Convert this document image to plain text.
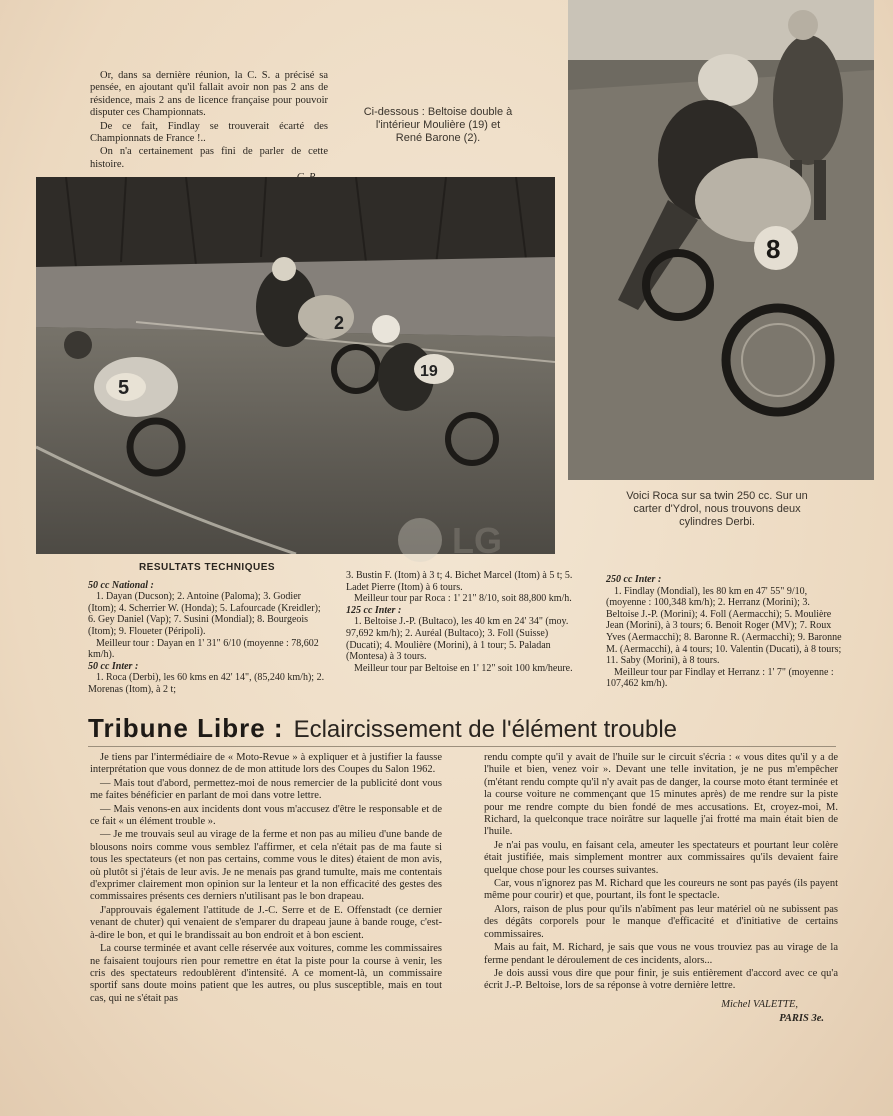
Or, dans sa dernière réunion, la C. S. a précisé sa pensée, en ajoutant qu'il fallait avoir non pas 2 ans de résidence, mais 2 ans de licence française pour pouvoir disputer ces Championnats.

De ce fait, Findlay se trouverait écarté des Championnats de France !..

On n'a certainement pas fini de parler de cette histoire.

Ci-dessous : Beltoise double à l'intérieur Moulière (19) et René Barone (2).
5
2
19
8
Voici Roca sur sa twin 250 cc. Sur un carter d'Ydrol, nous trouvons deux cylindres Derbi.
LG
RESULTATS TECHNIQUES
50 cc National :
1. Dayan (Ducson); 2. Antoine (Paloma); 3. Godier (Itom); 4. Scherrier W. (Honda); 5. Lafourcade (Kreidler); 6. Gey Daniel (Vap); 7. Susini (Mondial); 8. Bourgeois (Itom); 9. Floueter (Péripoli).
Meilleur tour : Dayan en 1' 31" 6/10 (moyenne : 78,602 km/h).
50 cc Inter :
1. Roca (Derbi), les 60 kms en 42' 14", (85,240 km/h); 2. Morenas (Itom), à 2 t;
3. Bustin F. (Itom) à 3 t; 4. Bichet Marcel (Itom) à 5 t; 5. Ladet Pierre (Itom) à 6 tours.
Meilleur tour par Roca : 1' 21" 8/10, soit 88,800 km/h.
125 cc Inter :
1. Beltoise J.-P. (Bultaco), les 40 km en 24' 34" (moy. 97,692 km/h); 2. Auréal (Bultaco); 3. Foll (Suisse) (Ducati); 4. Moulière (Morini), à 1 tour; 5. Paladan (Montesa) à 3 tours.
Meilleur tour par Beltoise en 1' 12" soit 100 km/heure.
250 cc Inter :
1. Findlay (Mondial), les 80 km en 47' 55" 9/10, (moyenne : 100,348 km/h); 2. Herranz (Morini); 3. Beltoise J.-P. (Morini); 4. Foll (Aermacchi); 5. Moulière Jean (Morini), à 3 tours; 6. Benoit Roger (MV); 7. Roux Yves (Aermacchi); 8. Baronne R. (Aermacchi); 9. Baronne M. (Aermacchi), à 4 tours; 10. Valentin (Ducati), à 8 tours; 11. Saby (Morini), à 8 tours.
Meilleur tour par Findlay et Herranz : 1' 7" (moyenne : 107,462 km/h).
Tribune Libre : Eclaircissement de l'élément trouble

Je tiens par l'intermédiaire de « Moto-Revue » à expliquer et à justifier la fausse interprétation que vous donnez de de mon attitude lors des Coupes du Salon 1962.

— Mais tout d'abord, permettez-moi de nous remercier de la publicité dont vous me faites bénéficier en parlant de moi dans votre lettre.

— Mais venons-en aux incidents dont vous m'accusez d'être le responsable et de ce fait « un élément trouble ».

— Je me trouvais seul au virage de la ferme et non pas au milieu d'une bande de blousons noirs comme vous semblez l'affirmer, et cela n'était pas de ma faute si tous les spectateurs (et non pas certains, comme vous le dites) étaient de mon avis, où plutôt si j'étais de leur avis. Je ne menais pas grand tumulte, mais me contentais d'exprimer clairement mon opinion sur la lenteur et la non efficacité des gestes des commissaires présents ces derniers n'utilisant pas le bon drapeau.

J'approuvais également l'attitude de J.-C. Serre et de E. Offenstadt (ce dernier venant de chuter) qui venaient de s'emparer du drapeau jaune à bande rouge, c'est-à-dire le bon, et qui le brandissait au bon endroit et à bon escient.

La course terminée et avant celle réservée aux voitures, comme les commissaires ne faisaient toujours rien pour remettre en état la piste pour la course à venir, les cris des spectateurs redoublèrent d'intensité. A ce moment-là, un commissaire sportif sans doute moins patient que les autres, ou plus susceptible, mais en tout cas, qui ne s'était pas

rendu compte qu'il y avait de l'huile sur le circuit s'écria : « vous dites qu'il y a de l'huile et bien, venez voir ». Devant une telle invitation, je ne pus m'empêcher (m'étant rendu compte qu'il n'y avait pas de danger, la course moto étant terminée et la course voiture ne commençant que 15 minutes après) de me rendre sur la piste pour me rendre compte du bien fondé de mes accusations. Et, croyez-moi, M. Richard, la quelconque trace noirâtre sur laquelle j'ai frotté ma main était bien de l'huile.

Je n'ai pas voulu, en faisant cela, ameuter les spectateurs et pourtant leur colère était justifiée, mais simplement montrer aux commissaires qu'ils devaient faire quelque chose pour les courses suivantes.

Car, vous n'ignorez pas M. Richard que les coureurs ne sont pas payés (ils payent même pour courir) et que, pourtant, ils font le spectacle.

Alors, raison de plus pour qu'ils n'abîment pas leur matériel où ne subissent pas des dégâts corporels pour le manque d'efficacité et d'initiative de certains commissaires.

Mais au fait, M. Richard, je sais que vous ne vous trouviez pas au virage de la ferme pendant le déroulement de ces incidents, alors...

Je dois aussi vous dire que pour finir, je suis entièrement d'accord avec ce qu'a écrit J.-P. Beltoise, lors de sa réponse à votre dernière lettre.

Michel VALETTE,
PARIS 3e.
